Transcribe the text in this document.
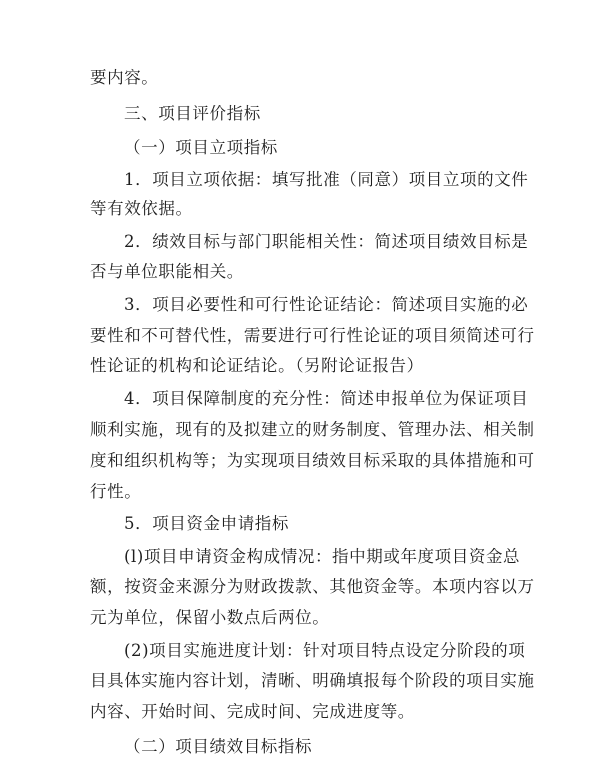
要内容。

三、项目评价指标

（一）项目立项指标

1．项目立项依据：填写批准（同意）项目立项的文件

等有效依据。

2．绩效目标与部门职能相关性：简述项目绩效目标是

否与单位职能相关。

3．项目必要性和可行性论证结论：简述项目实施的必

要性和不可替代性，需要进行可行性论证的项目须简述可行

性论证的机构和论证结论。（另附论证报告）

4．项目保障制度的充分性：简述申报单位为保证项目

顺利实施，现有的及拟建立的财务制度、管理办法、相关制

度和组织机构等；为实现项目绩效目标采取的具体措施和可

行性。

5．项目资金申请指标

(l)项目申请资金构成情况：指中期或年度项目资金总

额，按资金来源分为财政拨款、其他资金等。本项内容以万

元为单位，保留小数点后两位。

(2)项目实施进度计划：针对项目特点设定分阶段的项

目具体实施内容计划，清晰、明确填报每个阶段的项目实施

内容、开始时间、完成时间、完成进度等。

（二）项目绩效目标指标
